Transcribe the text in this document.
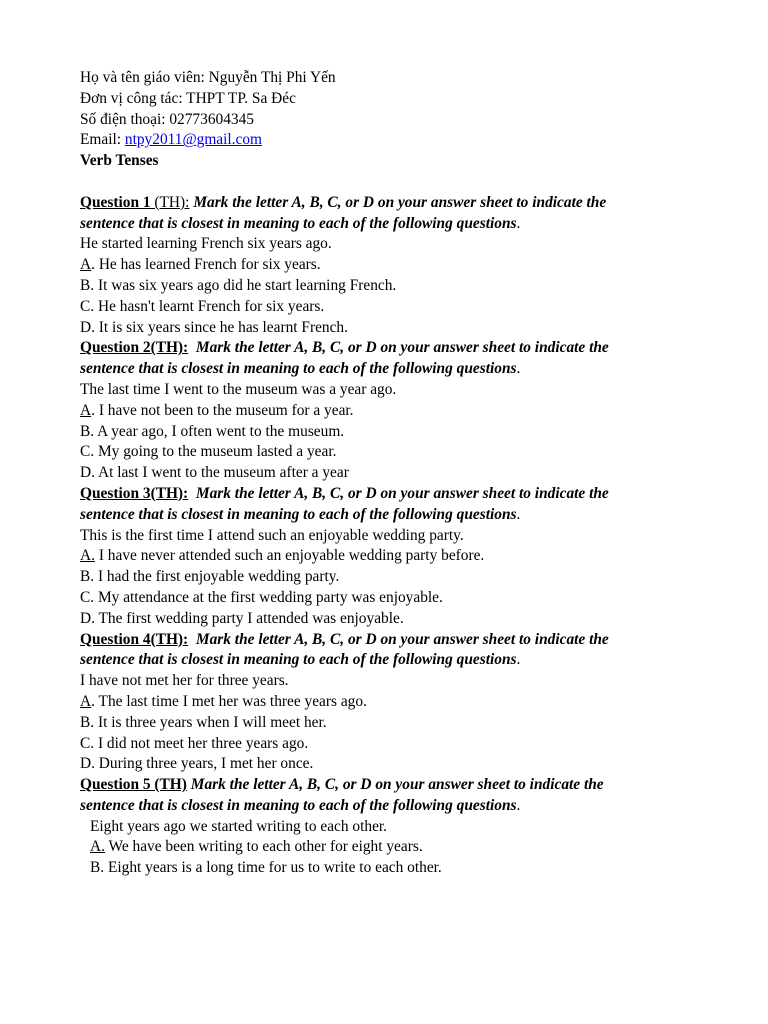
Họ và tên giáo viên: Nguyễn Thị Phi Yến
Đơn vị công tác: THPT TP. Sa Đéc
Số điện thoại: 02773604345
Email: ntpy2011@gmail.com
Verb Tenses
Question 1 (TH): Mark the letter A, B, C, or D on your answer sheet to indicate the
sentence that is closest in meaning to each of the following questions.
He started learning French six years ago.
A. He has learned French for six years.
B. It was six years ago did he start learning French.
C. He hasn't learnt French for six years.
D. It is six years since he has learnt French.
Question 2(TH): Mark the letter A, B, C, or D on your answer sheet to indicate the
sentence that is closest in meaning to each of the following questions.
The last time I went to the museum was a year ago.
A. I have not been to the museum for a year.
B. A year ago, I often went to the museum.
C. My going to the museum lasted a year.
D. At last I went to the museum after a year
Question 3(TH): Mark the letter A, B, C, or D on your answer sheet to indicate the
sentence that is closest in meaning to each of the following questions.
This is the first time I attend such an enjoyable wedding party.
A. I have never attended such an enjoyable wedding party before.
B. I had the first enjoyable wedding party.
C. My attendance at the first wedding party was enjoyable.
D. The first wedding party I attended was enjoyable.
Question 4(TH): Mark the letter A, B, C, or D on your answer sheet to indicate the
sentence that is closest in meaning to each of the following questions.
I have not met her for three years.
A. The last time I met her was three years ago.
B. It is three years when I will meet her.
C. I did not meet her three years ago.
D. During three years, I met her once.
Question 5 (TH) Mark the letter A, B, C, or D on your answer sheet to indicate the
sentence that is closest in meaning to each of the following questions.
Eight years ago we started writing to each other.
A. We have been writing to each other for eight years.
B. Eight years is a long time for us to write to each other.
